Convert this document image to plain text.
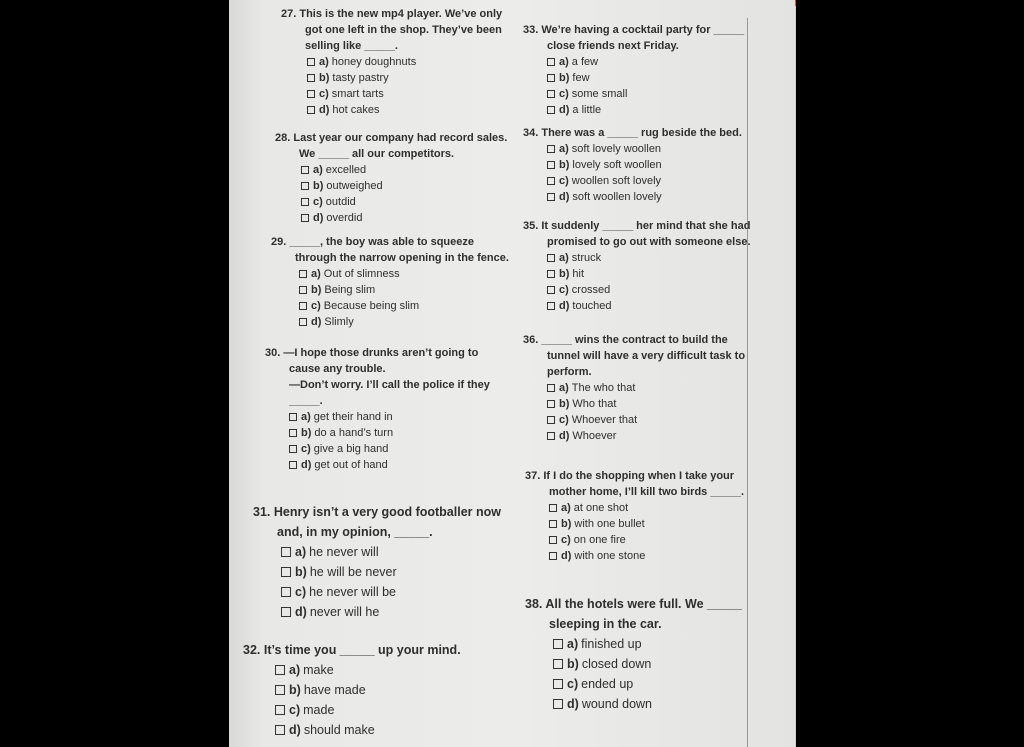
27. This is the new mp4 player. We’ve only
got one left in the shop. They’ve been
selling like _____.
a) honey doughnuts
b) tasty pastry
c) smart tarts
d) hot cakes
28. Last year our company had record sales.
We _____ all our competitors.
a) excelled
b) outweighed
c) outdid
d) overdid
29. _____, the boy was able to squeeze
through the narrow opening in the fence.
a) Out of slimness
b) Being slim
c) Because being slim
d) Slimly
30. —I hope those drunks aren’t going to
cause any trouble.
—Don’t worry. I’ll call the police if they
_____.
a) get their hand in
b) do a hand’s turn
c) give a big hand
d) get out of hand
31. Henry isn’t a very good footballer now
and, in my opinion, _____.
a) he never will
b) he will be never
c) he never will be
d) never will he
32. It’s time you _____ up your mind.
a) make
b) have made
c) made
d) should make
33. We’re having a cocktail party for _____
close friends next Friday.
a) a few
b) few
c) some small
d) a little
34. There was a _____ rug beside the bed.
a) soft lovely woollen
b) lovely soft woollen
c) woollen soft lovely
d) soft woollen lovely
35. It suddenly _____ her mind that she had
promised to go out with someone else.
a) struck
b) hit
c) crossed
d) touched
36. _____ wins the contract to build the
tunnel will have a very difficult task to
perform.
a) The who that
b) Who that
c) Whoever that
d) Whoever
37. If I do the shopping when I take your
mother home, I’ll kill two birds _____.
a) at one shot
b) with one bullet
c) on one fire
d) with one stone
38. All the hotels were full. We _____
sleeping in the car.
a) finished up
b) closed down
c) ended up
d) wound down
